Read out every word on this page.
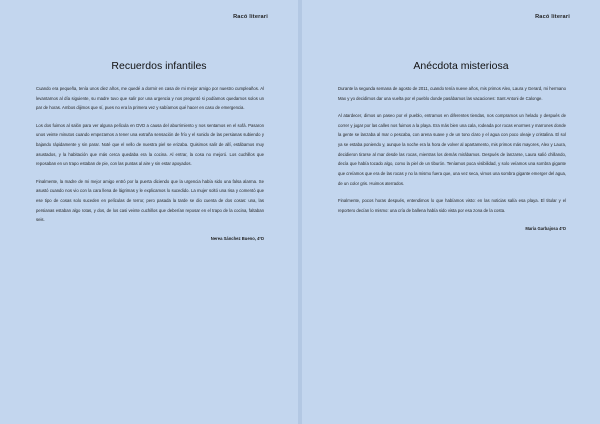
Racó literari
Recuerdos infantiles

Cuando era pequeña, tenía unos diez años, me quedé a dormir en casa de mi mejor amigo por nuestro cumpleaños. Al levantarnos al día siguiente, su madre tuvo que salir por una urgencia y nos preguntó si podíamos quedarnos solos un par de horas. Ambos dijimos que sí, pues no era la primera vez y sabíamos qué hacer en caso de emergencia.

Los dos fuimos al salón para ver alguna película en DVD a causa del aburrimiento y nos sentamos en el sofá. Pasaron unos veinte minutos cuando empezamos a tener una extraña sensación de frío y el sonido de las persianas subiendo y bajando rápidamente y sin parar. Noté que el vello de nuestra piel se erizaba. Quisimos salir de allí, estábamos muy asustados, y la habitación que más cerca quedaba era la cocina. Al entrar, la cosa no mejoró. Los cuchillos que reposaban en un trapo estaban de pie, con las puntas al aire y sin estar apoyados.

Finalmente, la madre de mi mejor amigo entró por la puerta diciendo que la urgencia había sido una falsa alarma. Se asustó cuando nos vio con la cara llena de lágrimas y le explicamos lo sucedido. La mujer soltó una risa y comentó que ese tipo de cosas solo suceden en películas de terror, pero pasada la tarde se dio cuenta de dos cosas: una, las persianas estaban algo rotas, y dos, de los casi veinte cuchillos que deberían reposar en el trapo de la cocina, faltaban seis.

Nerea Sánchez Bueno, 4ºD
Racó literari
Anécdota misteriosa

Durante la segunda semana de agosto de 2011, cuando tenía nueve años, mis primos Alex, Laura y Gerard, mi hermano Max y yo decidimos dar una vuelta por el pueblo donde pasábamos las vacaciones: Sant Antoni de Calonge.

Al atardecer, dimos un paseo por el pueblo, entramos en diferentes tiendas, nos compramos un helado y después de correr y jugar por las calles nos fuimos a la playa. Era más bien una cala, rodeada por rocas enormes y marrones donde la gente se lanzaba al mar o pescaba, con arena suave y de un tono claro y el agua con poco oleaje y cristalina. El sol ya se estaba poniendo y, aunque la noche era la hora de volver al apartamento, mis primos más mayores, Alex y Laura, decidieron tirarse al mar desde las rocas, mientras los demás mirábamos. Después de lanzarse, Laura salió chillando, decía que había tocado algo, como la piel de un tiburón. Teníamos poca visibilidad, y solo veíamos una sombra gigante que creíamos que era de las rocas y no la mismo fuera que, una vez seca, vimos una sombra gigante emerger del agua, de un color gris. Huimos aterrados.

Finalmente, pocos horas después, entendimos lo que habíamos visto: en las noticias salía esa playa. El titular y el reportero decían lo mismo: una cría de ballena había sido vista por esa zona de la costa.

María Garbajosa 4ºD
